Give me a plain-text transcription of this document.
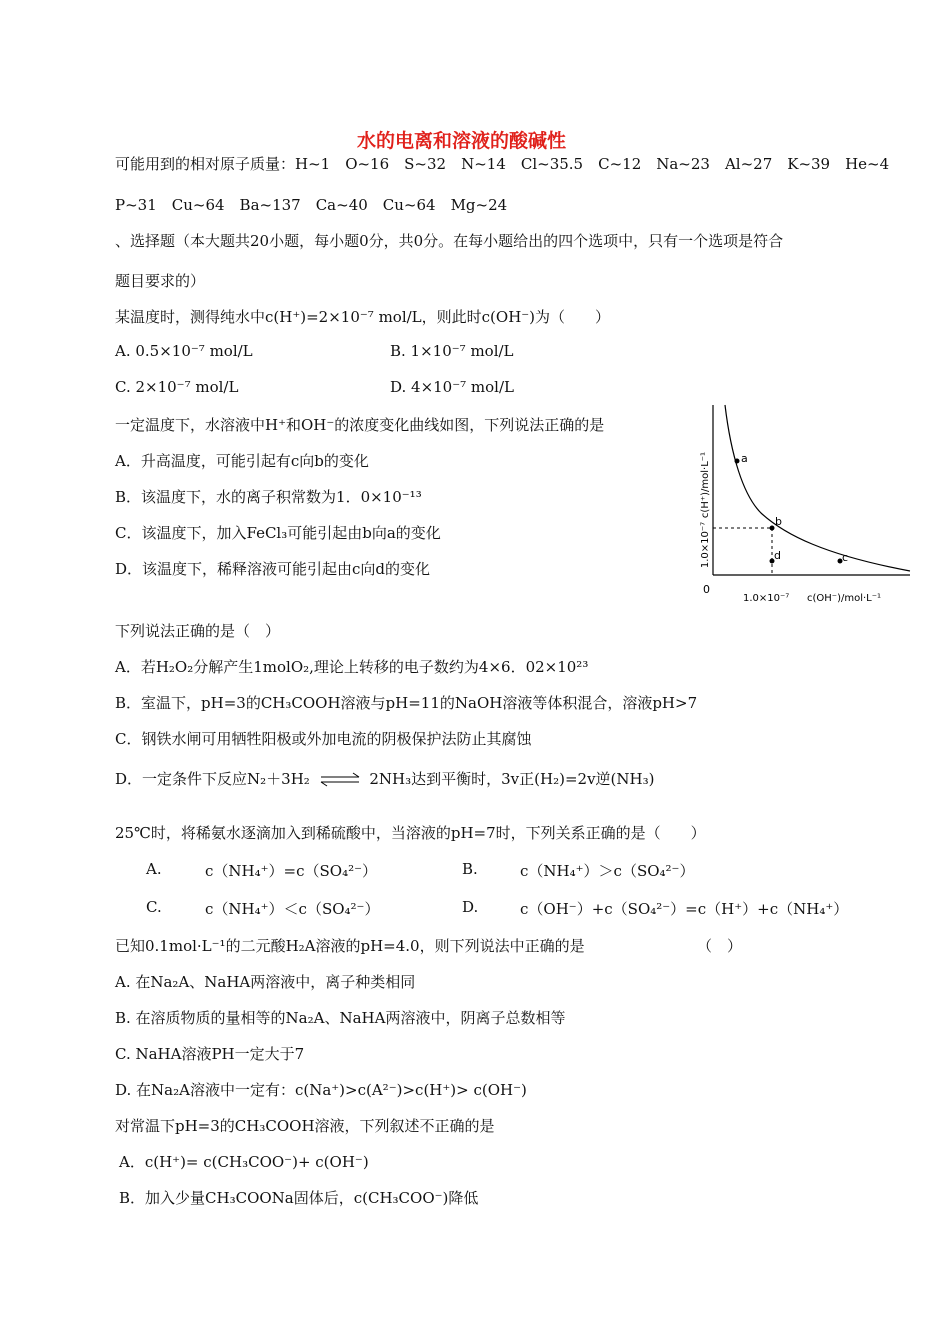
水的电离和溶液的酸碱性
可能用到的相对原子质量：H~1　O~16　S~32　N~14　Cl~35.5　C~12　Na~23　Al~27　K~39　He~4
P~31　Cu~64　Ba~137　Ca~40　Cu~64　Mg~24
、选择题（本大题共20小题，每小题0分，共0分。在每小题给出的四个选项中，只有一个选项是符合
题目要求的）
某温度时，测得纯水中c(H⁺)=2×10⁻⁷ mol/L，则此时c(OH⁻)为（　　）
A. 0.5×10⁻⁷ mol/L	B. 1×10⁻⁷ mol/L
C. 2×10⁻⁷ mol/L	D. 4×10⁻⁷ mol/L
一定温度下，水溶液中H⁺和OH⁻的浓度变化曲线如图，下列说法正确的是
A．升高温度，可能引起有c向b的变化
B．该温度下，水的离子积常数为1．0×10⁻¹³
C．该温度下，加入FeCl₃可能引起由b向a的变化
D．该温度下，稀释溶液可能引起由c向d的变化
a
b
c
d
c(H⁺)/mol·L⁻¹
1.0×10⁻⁷
0
1.0×10⁻⁷ c(OH⁻)/mol·L⁻¹
下列说法正确的是（　）
A．若H₂O₂分解产生1molO₂,理论上转移的电子数约为4×6．02×10²³
B．室温下，pH=3的CH₃COOH溶液与pH=11的NaOH溶液等体积混合，溶液pH>7
C．钢铁水闸可用牺牲阳极或外加电流的阴极保护法防止其腐蚀
D．一定条件下反应N₂＋3H₂ ⇌ 2NH₃达到平衡时，3v正(H₂)=2v逆(NH₃)
25℃时，将稀氨水逐滴加入到稀硫酸中，当溶液的pH=7时，下列关系正确的是（　　）
A.	c（NH₄⁺）=c（SO₄²⁻）	B.	c（NH₄⁺）＞c（SO₄²⁻）
C.	c（NH₄⁺）＜c（SO₄²⁻）	D.	c（OH⁻）+c（SO₄²⁻）=c（H⁺）+c（NH₄⁺）
已知0.1mol·L⁻¹的二元酸H₂A溶液的pH=4.0，则下列说法中正确的是	（　）
A. 在Na₂A、NaHA两溶液中，离子种类相同
B. 在溶质物质的量相等的Na₂A、NaHA两溶液中，阴离子总数相等
C. NaHA溶液PH一定大于7
D. 在Na₂A溶液中一定有：c(Na⁺)>c(A²⁻)>c(H⁺)> c(OH⁻)
对常温下pH=3的CH₃COOH溶液，下列叙述不正确的是
A．c(H⁺)= c(CH₃COO⁻)+ c(OH⁻)
B．加入少量CH₃COONa固体后，c(CH₃COO⁻)降低
